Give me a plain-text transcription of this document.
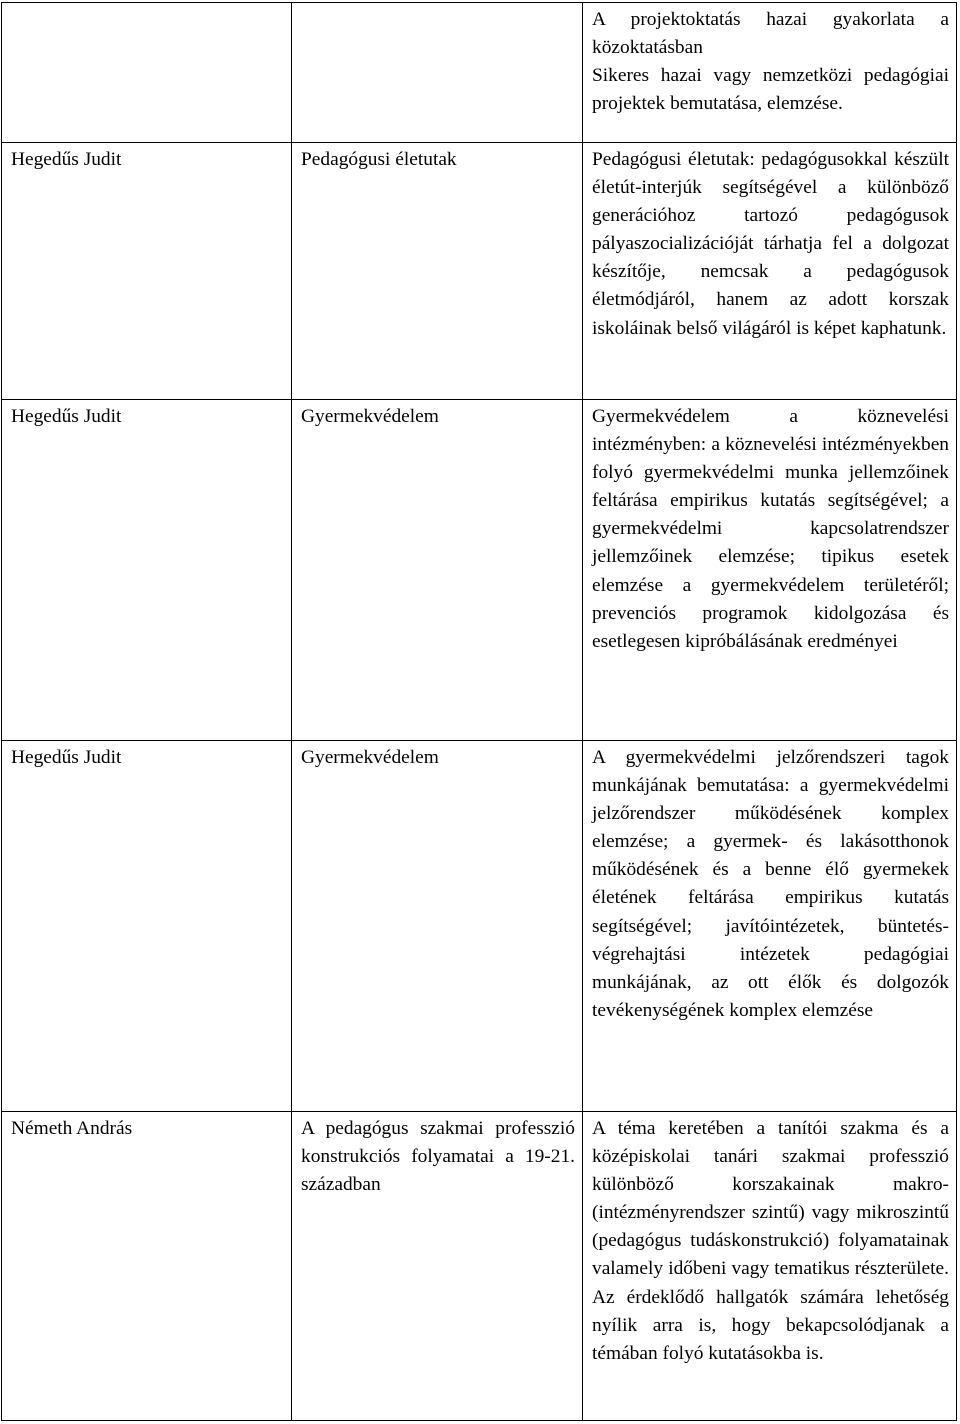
		A projektoktatás hazai gyakorlata a közoktatásban
Sikeres hazai vagy nemzetközi pedagógiai projektek bemutatása, elemzése.

Hegedűs Judit	Pedagógusi életutak	Pedagógusi életutak: pedagógusokkal készült életút-interjúk segítségével a különböző generációhoz tartozó pedagógusok pályaszocializációját tárhatja fel a dolgozat készítője, nemcsak a pedagógusok életmódjáról, hanem az adott korszak iskoláinak belső világáról is képet kaphatunk.

Hegedűs Judit	Gyermekvédelem	Gyermekvédelem a köznevelési intézményben: a köznevelési intézményekben folyó gyermekvédelmi munka jellemzőinek feltárása empirikus kutatás segítségével; a gyermekvédelmi kapcsolatrendszer jellemzőinek elemzése; tipikus esetek elemzése a gyermekvédelem területéről; prevenciós programok kidolgozása és esetlegesen kipróbálásának eredményei

Hegedűs Judit	Gyermekvédelem	A gyermekvédelmi jelzőrendszeri tagok munkájának bemutatása: a gyermekvédelmi jelzőrendszer működésének komplex elemzése; a gyermek- és lakásotthonok működésének és a benne élő gyermekek életének feltárása empirikus kutatás segítségével; javítóintézetek, büntetés-végrehajtási intézetek pedagógiai munkájának, az ott élők és dolgozók tevékenységének komplex elemzése

Németh András	A pedagógus szakmai professzió konstrukciós folyamatai a 19-21. században	A téma keretében a tanítói szakma és a középiskolai tanári szakmai professzió különböző korszakainak makro- (intézményrendszer szintű) vagy mikroszintű (pedagógus tudáskonstrukció) folyamatainak valamely időbeni vagy tematikus részterülete. Az érdeklődő hallgatók számára lehetőség nyílik arra is, hogy bekapcsolódjanak a témában folyó kutatásokba is.
